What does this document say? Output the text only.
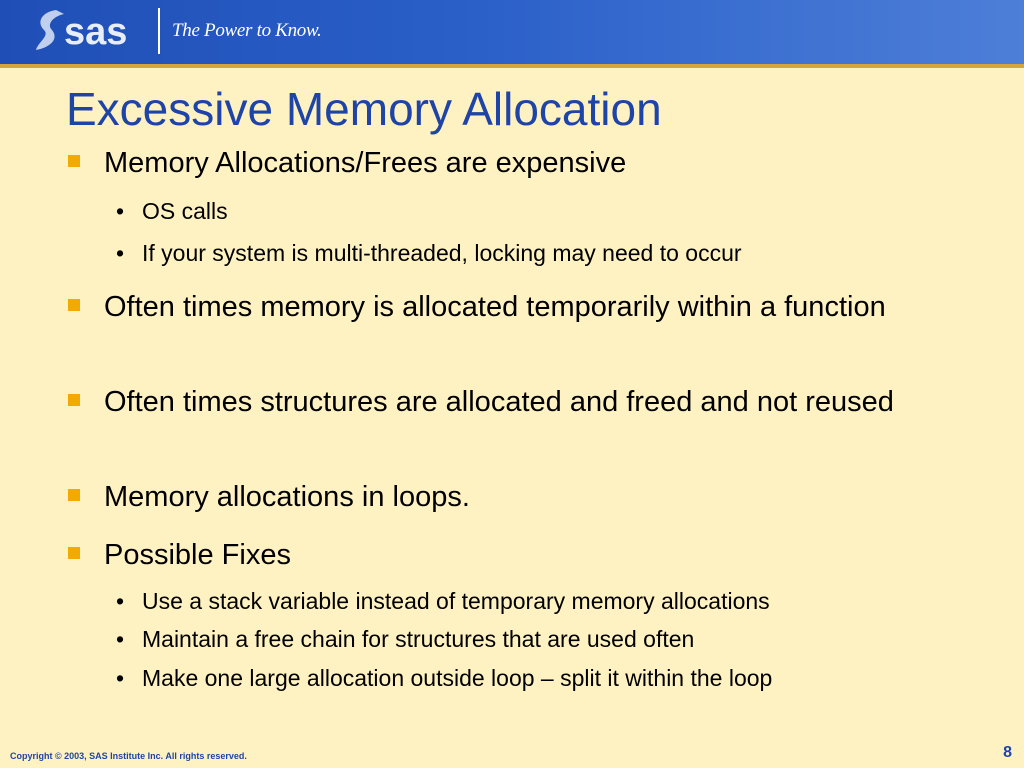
sas The Power to Know.
Excessive Memory Allocation
Memory Allocations/Frees are expensive
• OS calls
• If your system is multi-threaded, locking may need to occur
Often times memory is allocated temporarily within a function
Often times structures are allocated and freed and not reused
Memory allocations in loops.
Possible Fixes
• Use a stack variable instead of temporary memory allocations
• Maintain a free chain for structures that are used often
• Make one large allocation outside loop – split it within the loop
Copyright © 2003, SAS Institute Inc. All rights reserved.	8
